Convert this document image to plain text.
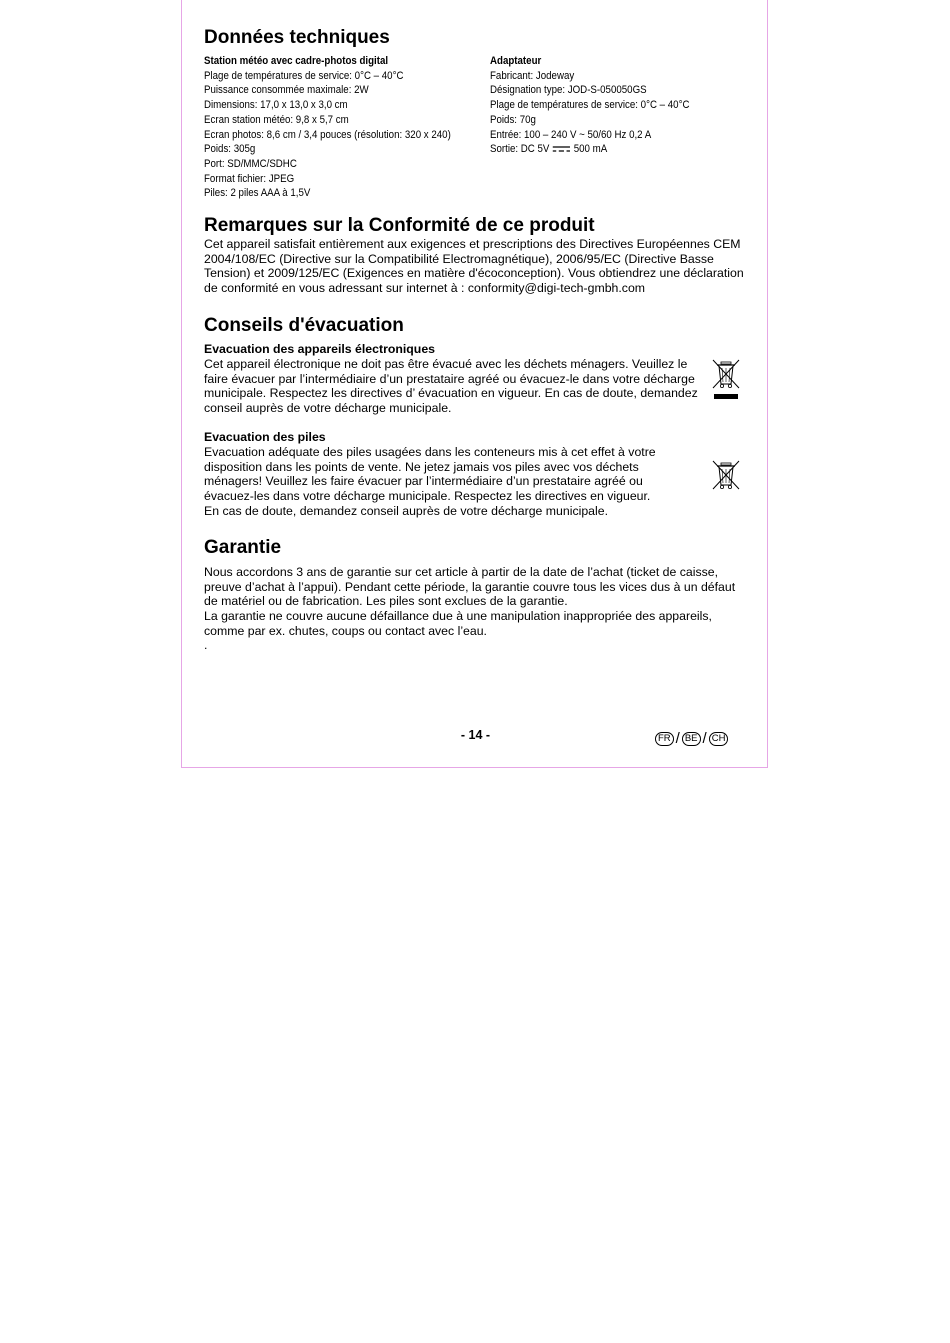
Données techniques
Station météo avec cadre-photos digital
Plage de températures de service: 0°C – 40°C
Puissance consommée maximale: 2W
Dimensions: 17,0 x 13,0 x 3,0 cm
Ecran station météo: 9,8 x 5,7 cm
Ecran photos: 8,6 cm / 3,4 pouces (résolution: 320 x 240)
Poids: 305g
Port: SD/MMC/SDHC
Format fichier: JPEG
Piles: 2 piles AAA à 1,5V
Adaptateur
Fabricant: Jodeway
Désignation type: JOD-S-050050GS
Plage de températures de service: 0°C – 40°C
Poids: 70g
Entrée: 100 – 240 V ~ 50/60 Hz 0,2 A
Sortie: DC 5V 500 mA
Remarques sur la Conformité de ce produit

Cet appareil satisfait entièrement aux exigences et prescriptions des Directives Européennes CEM 2004/108/EC (Directive sur la Compatibilité Electromagnétique), 2006/95/EC (Directive Basse Tension) et 2009/125/EC (Exigences en matière d'écoconception). Vous obtiendrez une déclaration de conformité en vous adressant sur internet à : conformity@digi-tech-gmbh.com

Conseils d'évacuation
Evacuation des appareils électroniques

Cet appareil électronique ne doit pas être évacué avec les déchets ménagers. Veuillez le faire évacuer par l’intermédiaire d’un prestataire agréé ou évacuez-le dans votre décharge municipale. Respectez les directives d’ évacuation en vigueur. En cas de doute, demandez conseil auprès de votre décharge municipale.

Evacuation des piles

Evacuation adéquate des piles usagées dans les conteneurs mis à cet effet à votre disposition dans les points de vente. Ne jetez jamais vos piles avec vos déchets ménagers! Veuillez les faire évacuer par l’intermédiaire d’un prestataire agréé ou évacuez-les dans votre décharge municipale. Respectez les directives en vigueur.

En cas de doute, demandez conseil auprès de votre décharge municipale.

Garantie

Nous accordons 3 ans de garantie sur cet article à partir de la date de l’achat (ticket de caisse, preuve d’achat à l’appui). Pendant cette période, la garantie couvre tous les vices dus à un défaut de matériel ou de fabrication. Les piles sont exclues de la garantie.

La garantie ne couvre aucune défaillance due à une manipulation inappropriée des appareils, comme par ex. chutes, coups ou contact avec l’eau.

.

- 14 -	FR / BE / CH
